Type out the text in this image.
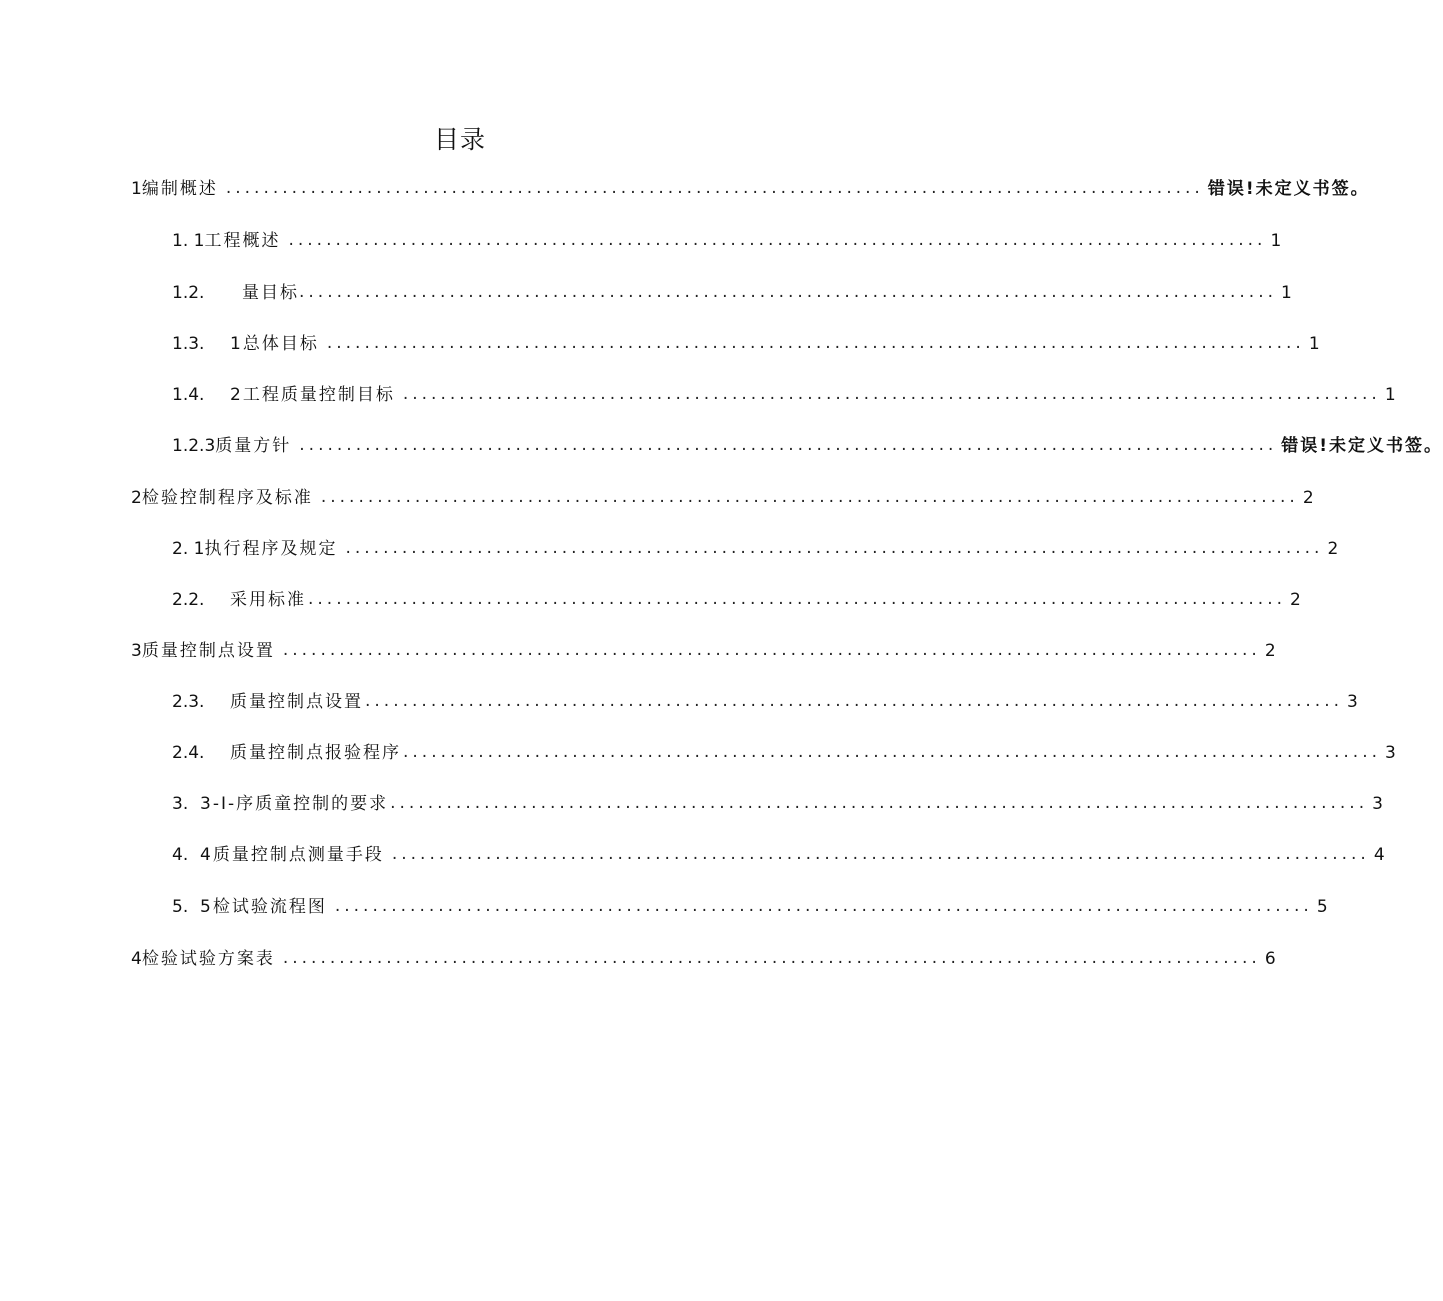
目录
1 编制概述 ........................................................................................................ 错误!未定义书签。
1. 1 工程概述 ........................................................................................................ 1
1.2.	量目标 ........................................................................................................ 1
1.3.	1总体目标 ........................................................................................................ 1
1.4.	2工程质量控制目标 ........................................................................................................ 1
1.2.3 质量方针 ........................................................................................................ 错误!未定义书签。
2 检验控制程序及标准 ........................................................................................................ 2
2. 1 执行程序及规定 ........................................................................................................ 2
2.2.	采用标准 ........................................................................................................ 2
3 质量控制点设置 ........................................................................................................ 2
2.3.	质量控制点设置 ........................................................................................................ 3
2.4.	质量控制点报验程序 ........................................................................................................ 3
3. 3-I-序质童控制的要求 ........................................................................................................ 3
4. 4质量控制点测量手段 ........................................................................................................ 4
5. 5检试验流程图 ........................................................................................................ 5
4 检验试验方案表 ........................................................................................................ 6
